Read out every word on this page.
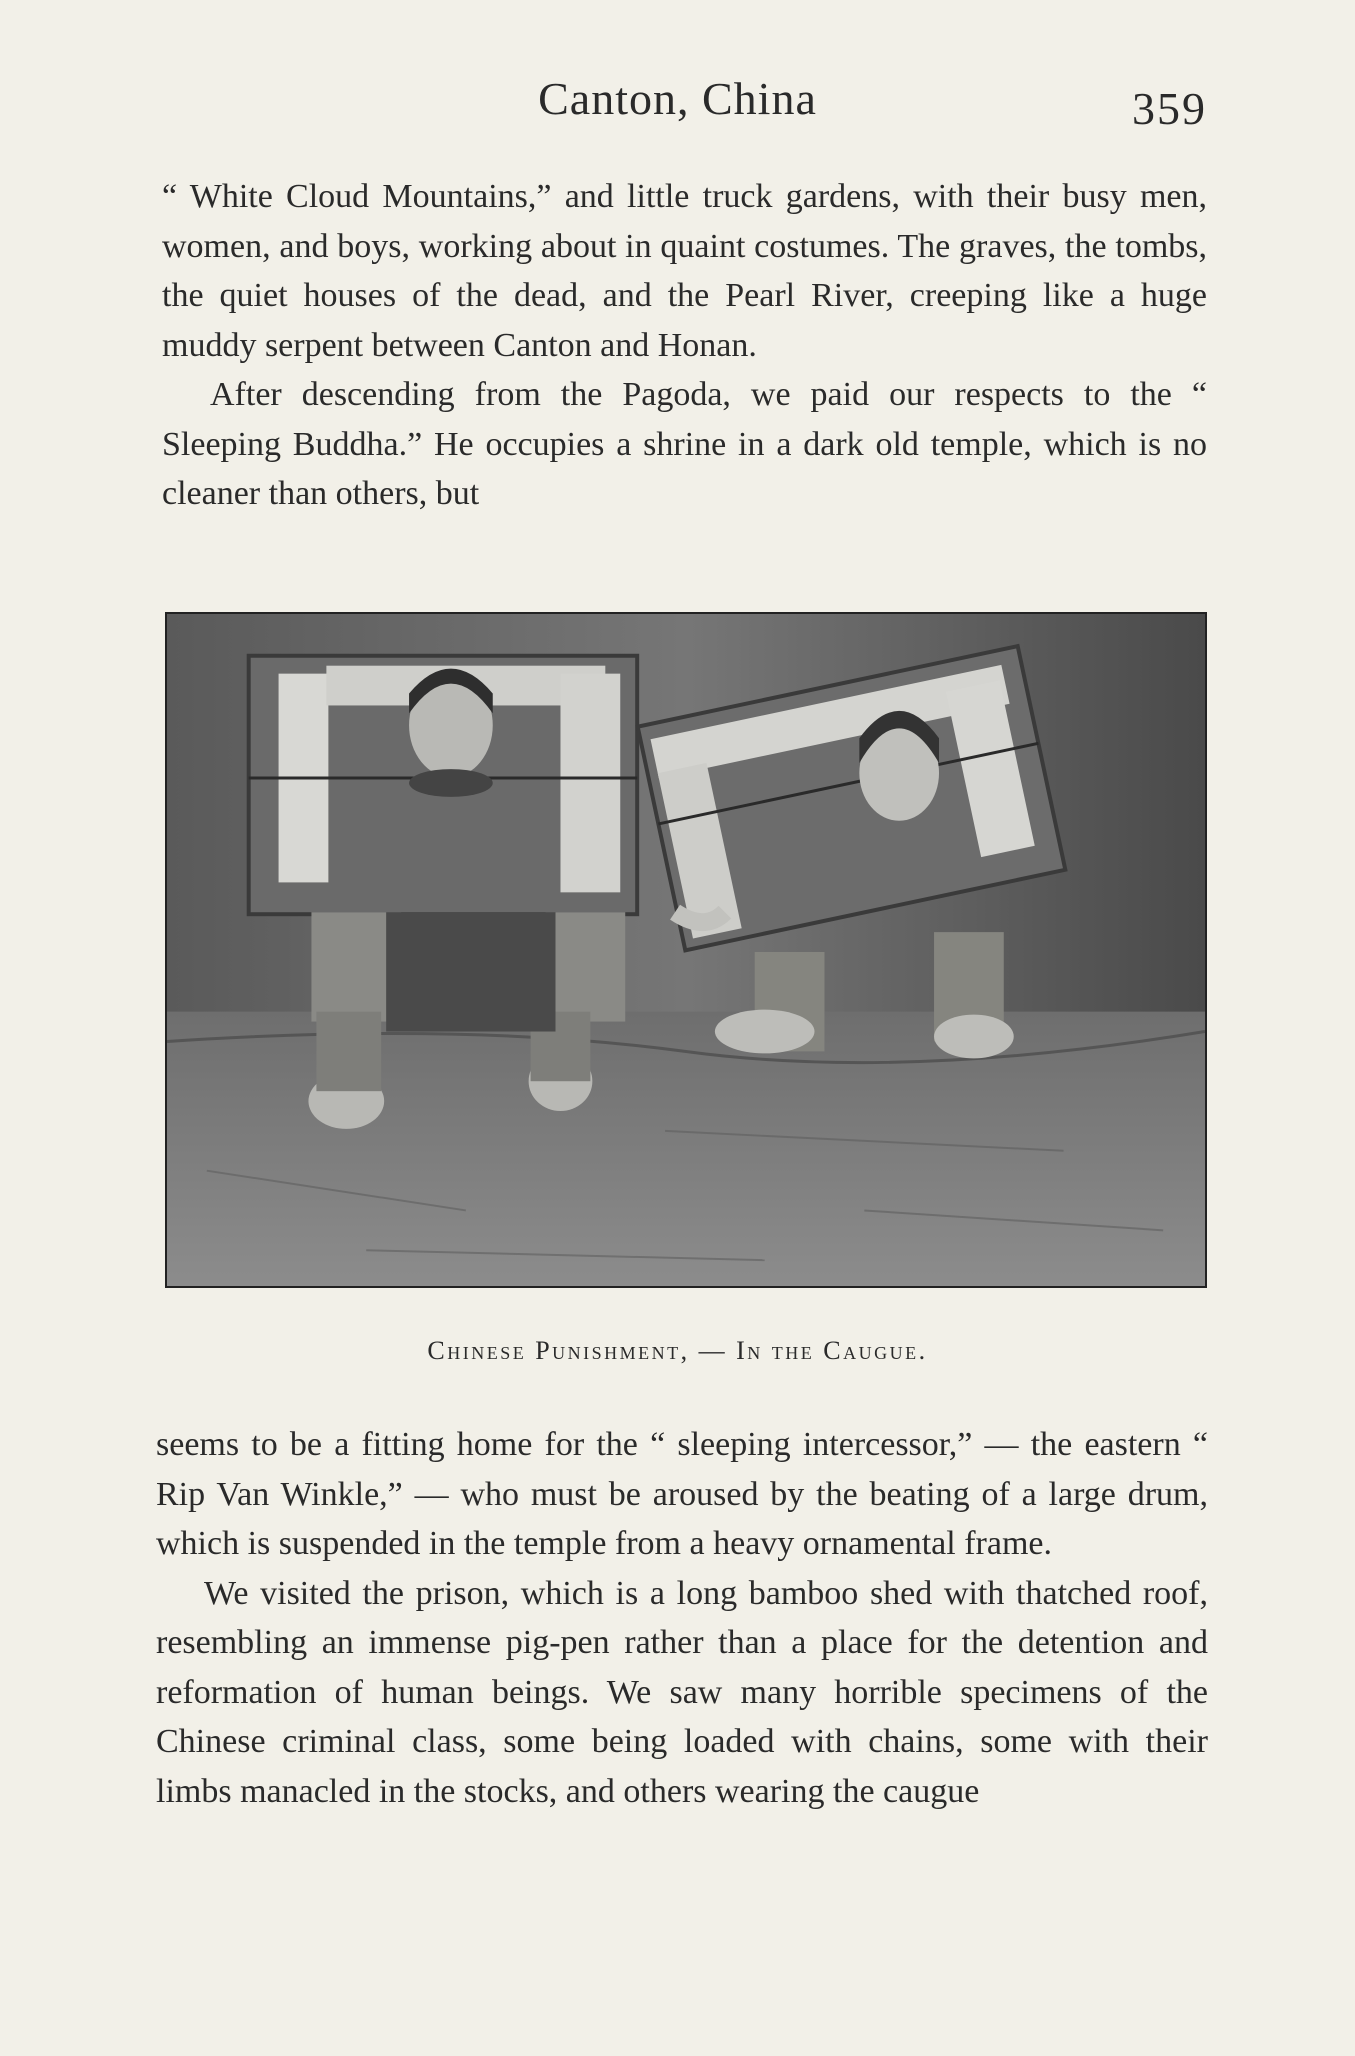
Canton, China	359

“ White Cloud Mountains,” and little truck gardens, with their busy men, women, and boys, working about in quaint costumes. The graves, the tombs, the quiet houses of the dead, and the Pearl River, creeping like a huge muddy serpent between Canton and Honan.

After descending from the Pagoda, we paid our respects to the “ Sleeping Buddha.” He occupies a shrine in a dark old temple, which is no cleaner than others, but

Chinese Punishment, — In the Caugue.

seems to be a fitting home for the “ sleeping intercessor,” — the eastern “ Rip Van Winkle,” — who must be aroused by the beating of a large drum, which is suspended in the temple from a heavy ornamental frame.

We visited the prison, which is a long bamboo shed with thatched roof, resembling an immense pig-pen rather than a place for the detention and reformation of human beings. We saw many horrible specimens of the Chinese criminal class, some being loaded with chains, some with their limbs manacled in the stocks, and others wearing the caugue
